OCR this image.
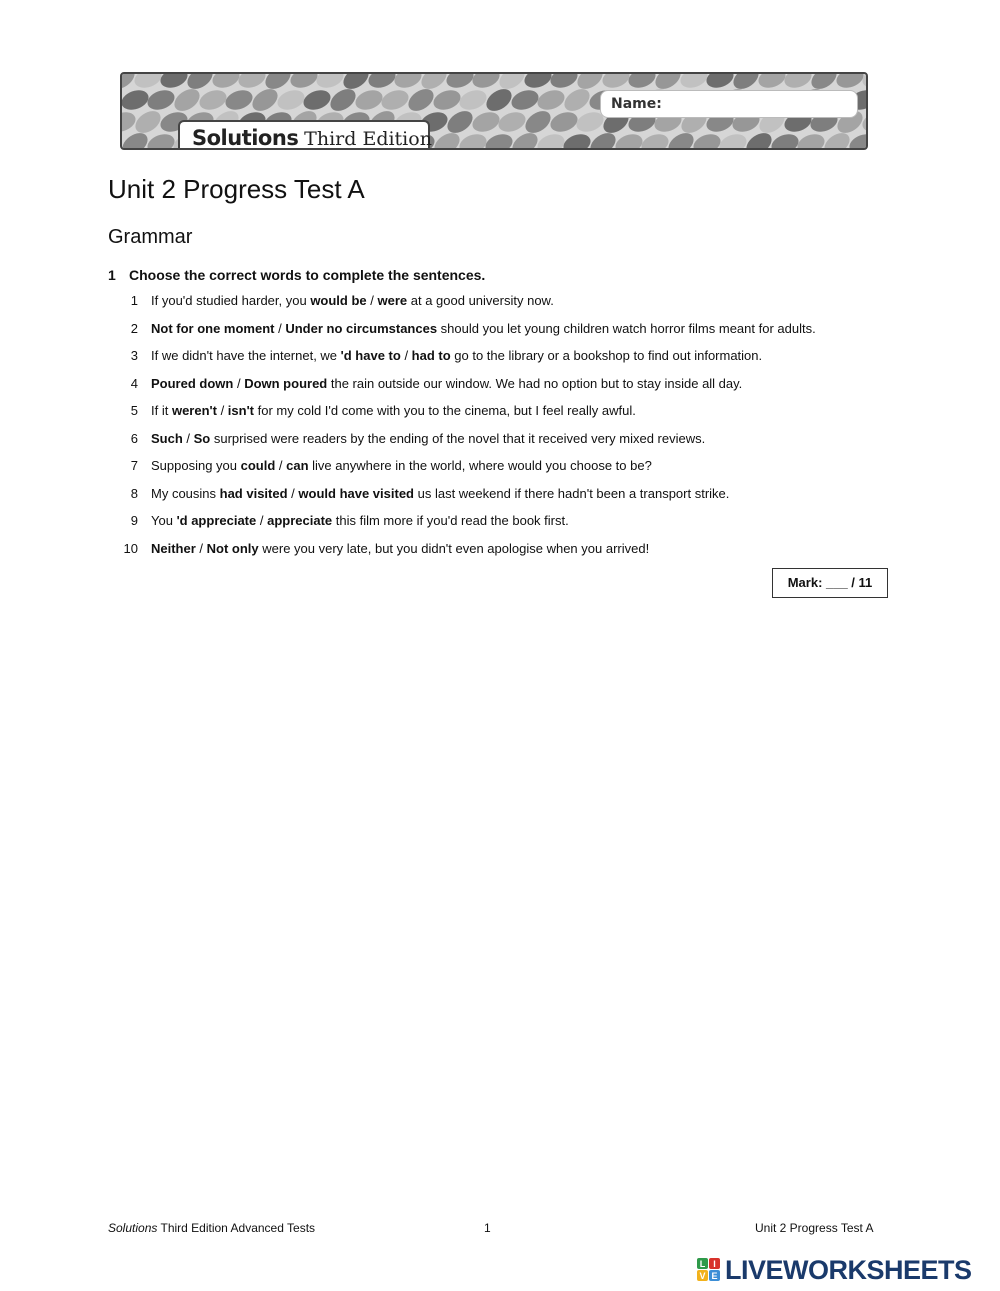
Name:
Solutions Third Edition
Unit 2 Progress Test A
Grammar

1 Choose the correct words to complete the sentences.

1 If you'd studied harder, you would be / were at a good university now.
2 Not for one moment / Under no circumstances should you let young children watch horror films meant for adults.
3 If we didn't have the internet, we 'd have to / had to go to the library or a bookshop to find out information.
4 Poured down / Down poured the rain outside our window. We had no option but to stay inside all day.
5 If it weren't / isn't for my cold I'd come with you to the cinema, but I feel really awful.
6 Such / So surprised were readers by the ending of the novel that it received very mixed reviews.
7 Supposing you could / can live anywhere in the world, where would you choose to be?
8 My cousins had visited / would have visited us last weekend if there hadn't been a transport strike.
9 You 'd appreciate / appreciate this film more if you'd read the book first.
10 Neither / Not only were you very late, but you didn't even apologise when you arrived!
Mark: ___ / 11
Solutions Third Edition Advanced Tests	1	Unit 2 Progress Test A
L I
V E LIVEWORKSHEETS
